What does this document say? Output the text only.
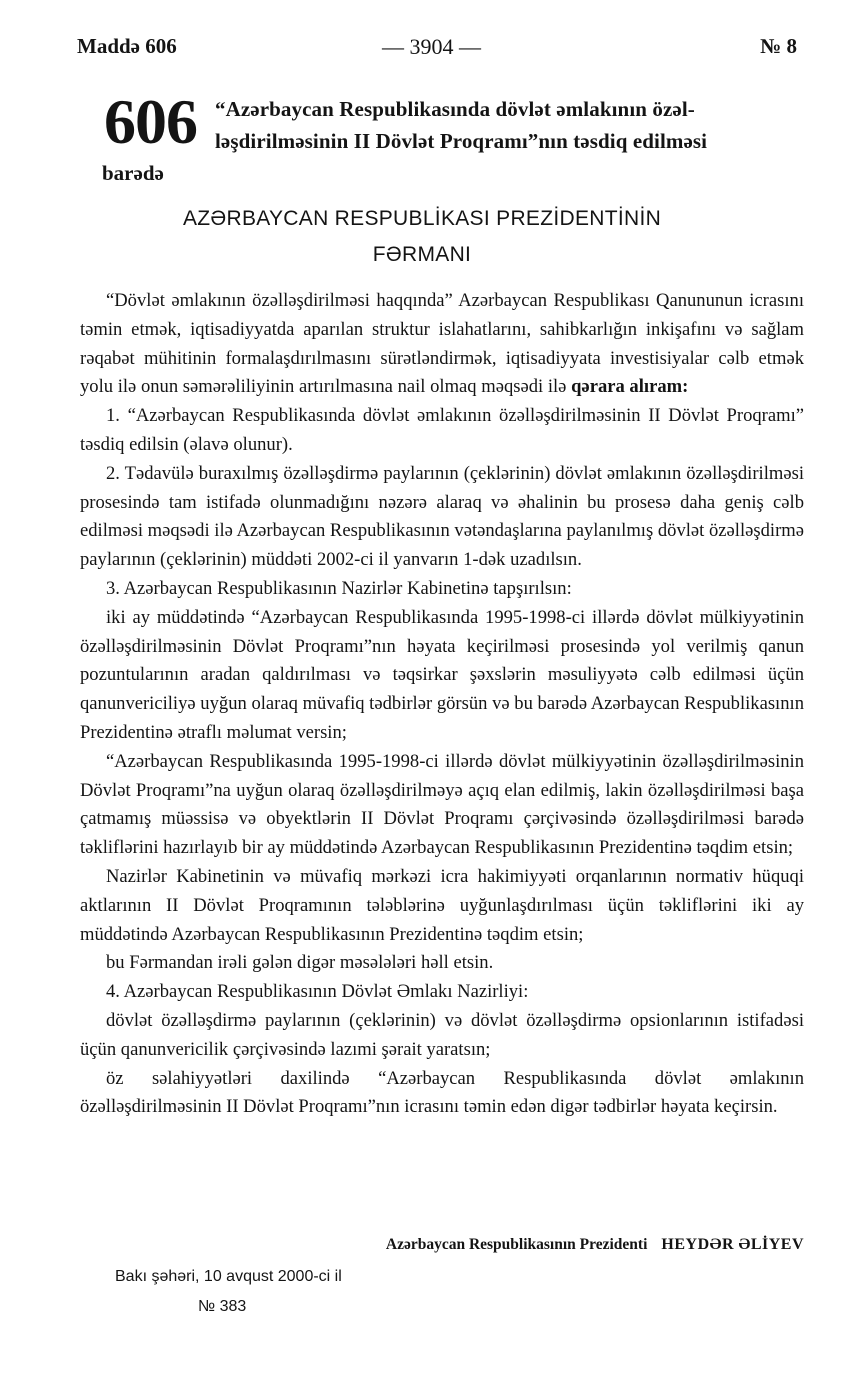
Maddə 606	— 3904 —	№ 8
606 “Azərbaycan Respublikasında dövlət əmlakının özəl-
ləşdirilməsinin II Dövlət Proqramı”nın təsdiq edilməsi
barədə
AZƏRBAYCAN RESPUBLİKASI PREZİDENTİNİN
FƏRMANI

“Dövlət əmlakının özəlləşdirilməsi haqqında” Azərbaycan Respublikası Qanununun icrasını təmin etmək, iqtisadiyyatda aparılan struktur islahatlarını, sahibkarlığın inkişafını və sağlam rəqabət mühitinin formalaşdırılmasını sürətləndirmək, iqtisadiyyata investisiyalar cəlb etmək yolu ilə onun səmərəliliyinin artırılmasına nail olmaq məqsədi ilə qərara alıram:

1. “Azərbaycan Respublikasında dövlət əmlakının özəlləşdirilməsinin II Dövlət Proqramı” təsdiq edilsin (əlavə olunur).

2. Tədavülə buraxılmış özəlləşdirmə paylarının (çeklərinin) dövlət əmlakının özəlləşdirilməsi prosesində tam istifadə olunmadığını nəzərə alaraq və əhalinin bu prosesə daha geniş cəlb edilməsi məqsədi ilə Azərbaycan Respublikasının vətəndaşlarına paylanılmış dövlət özəlləşdirmə paylarının (çeklərinin) müddəti 2002-ci il yanvarın 1-dək uzadılsın.

3. Azərbaycan Respublikasının Nazirlər Kabinetinə tapşırılsın:

iki ay müddətində “Azərbaycan Respublikasında 1995-1998-ci illərdə dövlət mülkiyyətinin özəlləşdirilməsinin Dövlət Proqramı”nın həyata keçirilməsi prosesində yol verilmiş qanun pozuntularının aradan qaldırılması və təqsirkar şəxslərin məsuliyyətə cəlb edilməsi üçün qanunvericiliyə uyğun olaraq müvafiq tədbirlər görsün və bu barədə Azərbaycan Respublikasının Prezidentinə ətraflı məlumat versin;

“Azərbaycan Respublikasında 1995-1998-ci illərdə dövlət mülkiyyətinin özəlləşdirilməsinin Dövlət Proqramı”na uyğun olaraq özəlləşdirilməyə açıq elan edilmiş, lakin özəlləşdirilməsi başa çatmamış müəssisə və obyektlərin II Dövlət Proqramı çərçivəsində özəlləşdirilməsi barədə təkliflərini hazırlayıb bir ay müddətində Azərbaycan Respublikasının Prezidentinə təqdim etsin;

Nazirlər Kabinetinin və müvafiq mərkəzi icra hakimiyyəti orqanlarının normativ hüquqi aktlarının II Dövlət Proqramının tələblərinə uyğunlaşdırılması üçün təkliflərini iki ay müddətində Azərbaycan Respublikasının Prezidentinə təqdim etsin;

bu Fərmandan irəli gələn digər məsələləri həll etsin.

4. Azərbaycan Respublikasının Dövlət Əmlakı Nazirliyi:

dövlət özəlləşdirmə paylarının (çeklərinin) və dövlət özəlləşdirmə opsionlarının istifadəsi üçün qanunvericilik çərçivəsində lazımi şərait yaratsın;

öz səlahiyyətləri daxilində “Azərbaycan Respublikasında dövlət əmlakının özəlləşdirilməsinin II Dövlət Proqramı”nın icrasını təmin edən digər tədbirlər həyata keçirsin.

Azərbaycan Respublikasının Prezidenti HEYDƏR ƏLİYEV
Bakı şəhəri, 10 avqust 2000-ci il
№ 383
